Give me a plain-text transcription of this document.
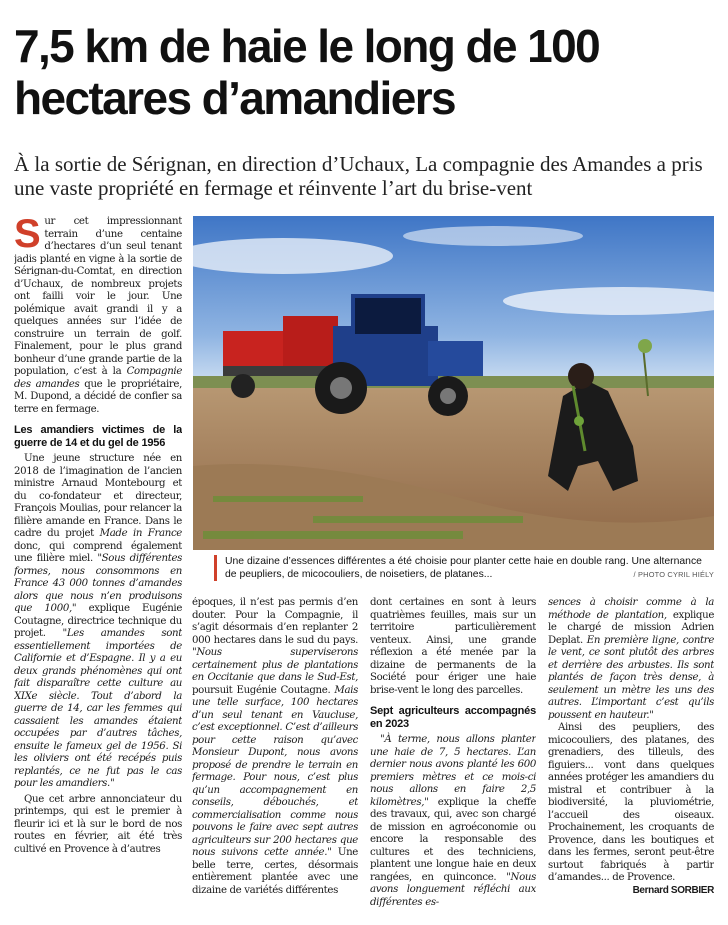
7,5 km de haie le long de 100 hectares d’amandiers

À la sortie de Sérignan, en direction d’Uchaux, La compagnie des Amandes a pris une vaste propriété en fermage et réinvente l’art du brise-vent

Sur cet impressionnant terrain d’une centaine d’hectares d’un seul tenant jadis planté en vigne à la sortie de Sérignan-du-Comtat, en direction d’Uchaux, de nombreux projets ont failli voir le jour. Une polémique avait grandi il y a quelques années sur l’idée de construire un terrain de golf. Finalement, pour le plus grand bonheur d’une grande partie de la population, c’est à la Compagnie des amandes que le propriétaire, M. Dupond, a décidé de confier sa terre en fermage.

Les amandiers victimes de la guerre de 14 et du gel de 1956

Une jeune structure née en 2018 de l’imagination de l’ancien ministre Arnaud Montebourg et du co-fondateur et directeur, François Moulias, pour relancer la filière amande en France. Dans le cadre du projet Made in France donc, qui comprend également une filière miel. "Sous différentes formes, nous consommons en France 43 000 tonnes d’amandes alors que nous n’en produisons que 1000," explique Eugénie Coutagne, directrice technique du projet. "Les amandes sont essentiellement importées de Californie et d’Espagne. Il y a eu deux grands phénomènes qui ont fait disparaître cette culture au XIXe siècle. Tout d’abord la guerre de 14, car les femmes qui cassaient les amandes étaient occupées par d’autres tâches, ensuite le fameux gel de 1956. Si les oliviers ont été recépés puis replantés, ce ne fut pas le cas pour les amandiers."

Que cet arbre annonciateur du printemps, qui est le premier à fleurir ici et là sur le bord de nos routes en février, ait été très cultivé en Provence à d’autres

Une dizaine d’essences différentes a été choisie pour planter cette haie en double rang. Une alternance de peupliers, de micocouliers, de noisetiers, de platanes...	/ PHOTO CYRIL HIÉLY

époques, il n’est pas permis d’en douter. Pour la Compagnie, il s’agit désormais d’en replanter 2 000 hectares dans le sud du pays. "Nous superviserons certainement plus de plantations en Occitanie que dans le Sud-Est, poursuit Eugénie Coutagne. Mais une telle surface, 100 hectares d’un seul tenant en Vaucluse, c’est exceptionnel. C’est d’ailleurs pour cette raison qu’avec Monsieur Dupont, nous avons proposé de prendre le terrain en fermage. Pour nous, c’est plus qu’un accompagnement en conseils, débouchés, et commercialisation comme nous pouvons le faire avec sept autres agriculteurs sur 200 hectares que nous suivons cette année." Une belle terre, certes, désormais entièrement plantée avec une dizaine de variétés différentes

dont certaines en sont à leurs quatrièmes feuilles, mais sur un territoire particulièrement venteux. Ainsi, une grande réflexion a été menée par la dizaine de permanents de la Société pour ériger une haie brise-vent le long des parcelles.

Sept agriculteurs accompagnés en 2023

"À terme, nous allons planter une haie de 7, 5 hectares. L’an dernier nous avons planté les 600 premiers mètres et ce mois-ci nous allons en faire 2,5 kilomètres," explique la cheffe des travaux, qui, avec son chargé de mission en agroéconomie ou encore la responsable des cultures et des techniciens, plantent une longue haie en deux rangées, en quinconce. "Nous avons longuement réfléchi aux différentes es-

sences à choisir comme à la méthode de plantation, explique le chargé de mission Adrien Deplat. En première ligne, contre le vent, ce sont plutôt des arbres et derrière des arbustes. Ils sont plantés de façon très dense, à seulement un mètre les uns des autres. L’important c’est qu’ils poussent en hauteur."

Ainsi des peupliers, des micocouliers, des platanes, des grenadiers, des tilleuls, des figuiers... vont dans quelques années protéger les amandiers du mistral et contribuer à la biodiversité, la pluviométrie, l’accueil des oiseaux. Prochainement, les croquants de Provence, dans les boutiques et dans les fermes, seront peut-être surtout fabriqués à partir d’amandes... de Provence.

Bernard SORBIER
